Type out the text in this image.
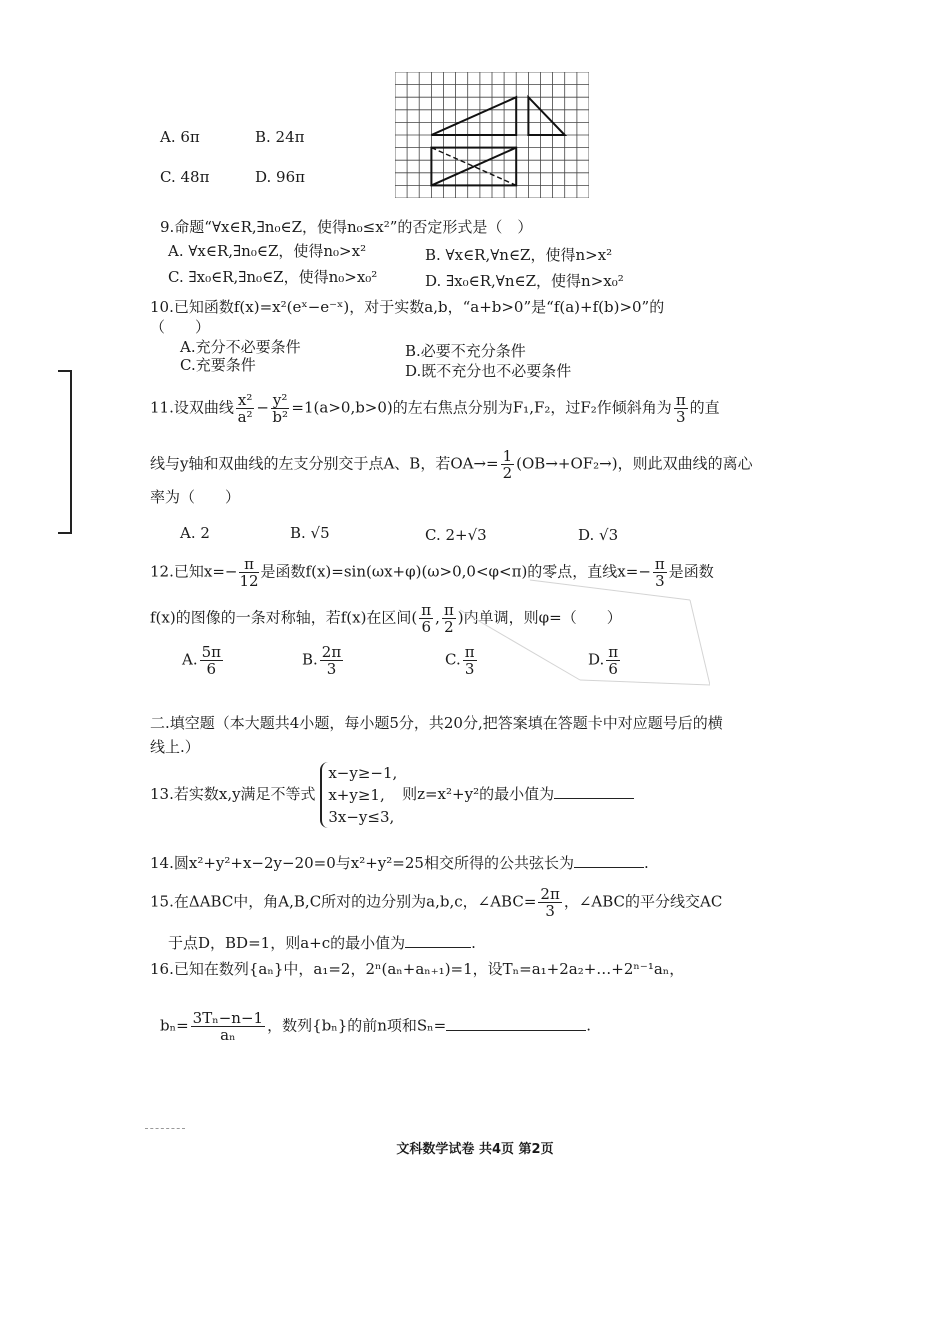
A. 6π	B. 24π
C. 48π	D. 96π
9.命题“∀x∈R,∃n₀∈Z，使得n₀≤x²”的否定形式是（　）
A. ∀x∈R,∃n₀∈Z，使得n₀>x²	B. ∀x∈R,∀n∈Z，使得n>x²
C. ∃x₀∈R,∃n₀∈Z，使得n₀>x₀²	D. ∃x₀∈R,∀n∈Z，使得n>x₀²
10.已知函数f(x)=x²(eˣ−e⁻ˣ)，对于实数a,b，“a+b>0”是“f(a)+f(b)>0”的
（　　）
A.充分不必要条件	B.必要不充分条件
C.充要条件	D.既不充分也不必要条件
11.设双曲线 $\frac{\text{x²}}{\text{a²}} - \frac{\text{y²}}{\text{b²}} =1(a>0,b>0)$的左右焦点分别为F₁,F₂，过F₂作倾斜角为 $\frac{\pi}{3}$ 的直
线与y轴和双曲线的左支分别交于点A、B，若$OA\to= \frac{1}{2} (OB\to+OF_2\to)$，则此双曲线的离心
率为（　　）
A. 2	B. √5	C. 2+√3	D. √3
12.已知$x=- \frac{\pi}{12}$ 是函数f(x)=sin(ωx+φ)(ω>0,0<φ<π)的零点，直线$x=- \frac{\pi}{3}$ 是函数
f(x)的图像的一条对称轴，若f(x)在区间( $\frac{\pi}{6}$ , $\frac{\pi}{2}$ )内单调，则φ=（　　）
A. $\frac{5\pi}{6}$	B. $\frac{2\pi}{3}$	C. $\frac{\pi}{3}$	D. $\frac{\pi}{6}$
二.填空题（本大题共4小题，每小题5分，共20分,把答案填在答题卡中对应题号后的横
线上.）
13.若实数x,y满足不等式
x−y≥−1,
x+y≥1,
3x−y≤3,
则z=x²+y²的最小值为
14.圆x²+y²+x−2y−20=0与x²+y²=25相交所得的公共弦长为	.
15.在ΔABC中，角A,B,C所对的边分别为a,b,c，∠ABC= $\frac{2\pi}{3}$ ，∠ABC的平分线交AC
于点D，BD=1，则a+c的最小值为	.
16.已知在数列{aₙ}中，a₁=2，2ⁿ(aₙ+aₙ₊₁)=1，设Tₙ=a₁+2a₂+…+2ⁿ⁻¹aₙ，
$b_n= \frac{\text{3Tₙ−n−1}}{\text{aₙ}}$ ，数列{bₙ}的前n项和Sₙ=	.
文科数学试卷 共4页 第2页
